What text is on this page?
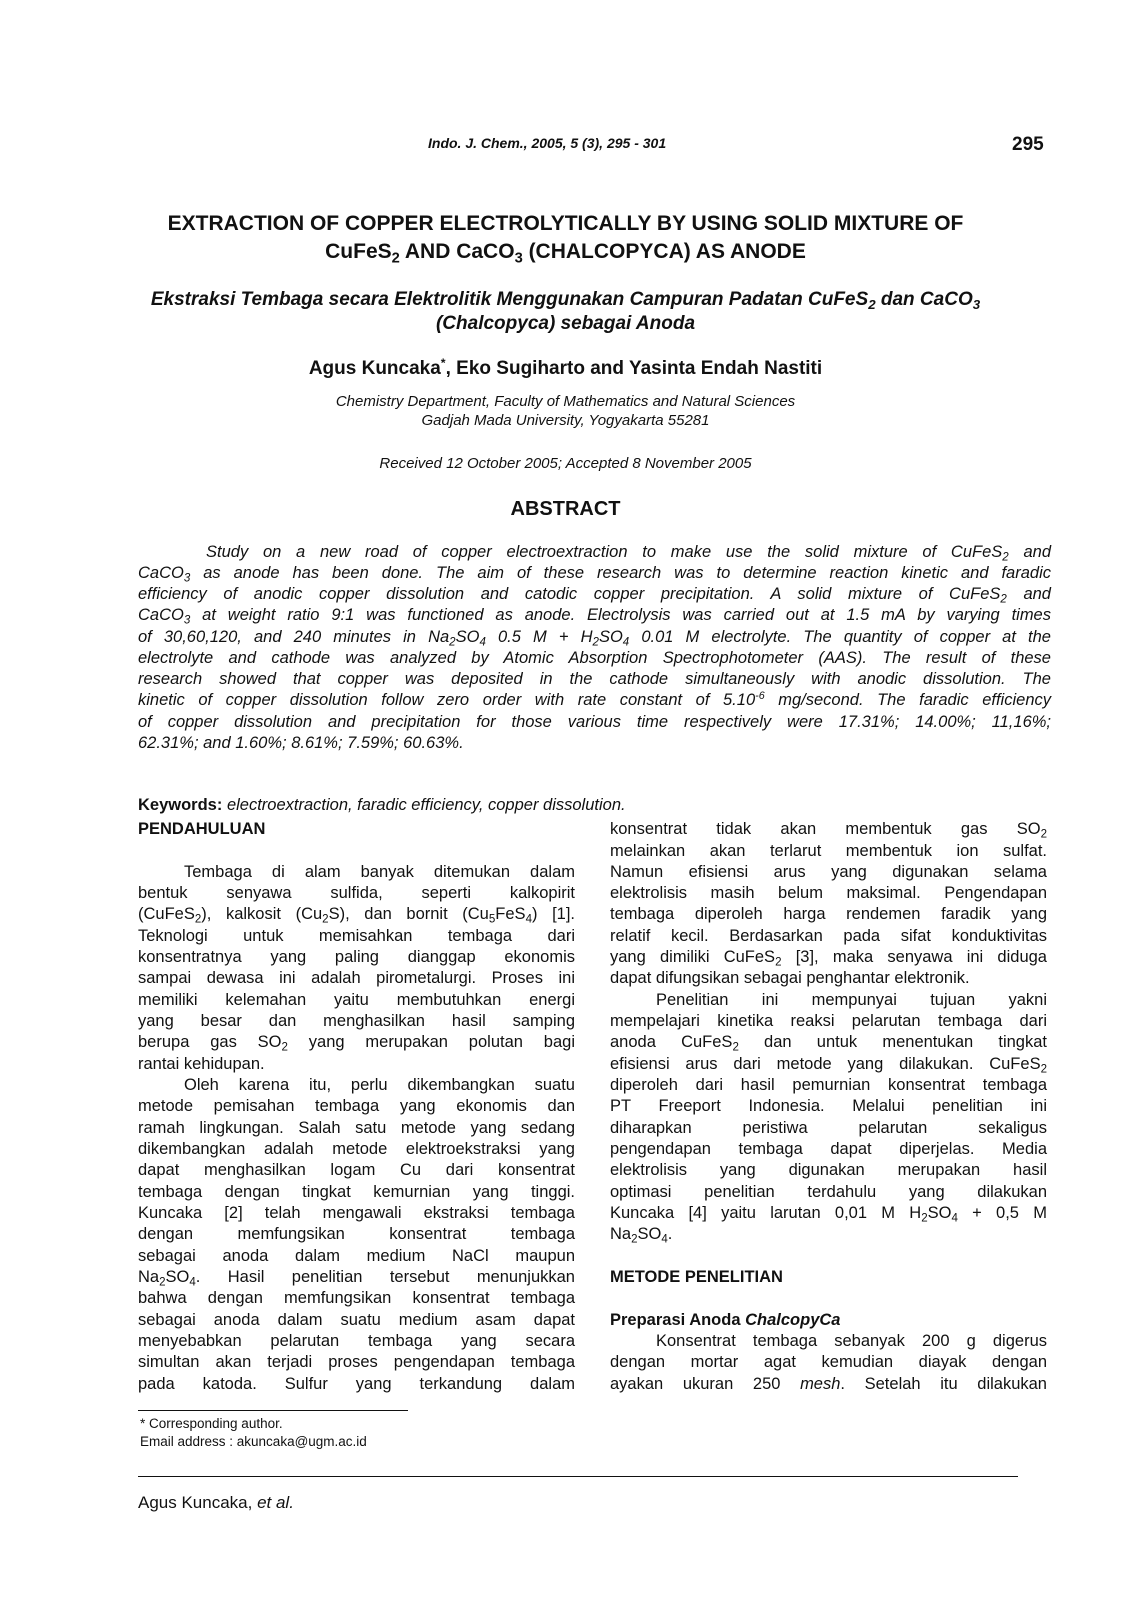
Indo. J. Chem., 2005, 5 (3), 295 - 301	295
EXTRACTION OF COPPER ELECTROLYTICALLY BY USING SOLID MIXTURE OF
CuFeS$_2$ AND CaCO$_3$ (CHALCOPYCA) AS ANODE
Ekstraksi Tembaga secara Elektrolitik Menggunakan Campuran Padatan CuFeS$_2$ dan CaCO$_3$
(Chalcopyca) sebagai Anoda
Agus Kuncaka*, Eko Sugiharto and Yasinta Endah Nastiti
Chemistry Department, Faculty of Mathematics and Natural Sciences
Gadjah Mada University, Yogyakarta 55281
Received 12 October 2005; Accepted 8 November 2005
ABSTRACT
Study on a new road of copper electroextraction to make use the solid mixture of CuFeS$_2$ and
CaCO$_3$ as anode has been done. The aim of these research was to determine reaction kinetic and faradic
efficiency of anodic copper dissolution and catodic copper precipitation. A solid mixture of CuFeS$_2$ and
CaCO$_3$ at weight ratio 9:1 was functioned as anode. Electrolysis was carried out at 1.5 mA by varying times
of 30,60,120, and 240 minutes in $Na_2SO_4$ 0.5 $M + H_2SO_4$ 0.01 M electrolyte. The quantity of copper at the
electrolyte and cathode was analyzed by Atomic Absorption Spectrophotometer (AAS). The result of these
research showed that copper was deposited in the cathode simultaneously with anodic dissolution. The
kinetic of copper dissolution follow zero order with rate constant of $5.10^{-6}$ mg/second. The faradic efficiency
of copper dissolution and precipitation for those various time respectively were 17.31%; 14.00%; 11,16%;
62.31%; and 1.60%; 8.61%; 7.59%; 60.63%.
Keywords: electroextraction, faradic efficiency, copper dissolution.
PENDAHULUAN
Tembaga di alam banyak ditemukan dalam
bentuk senyawa sulfida, seperti kalkopirit
(CuFeS$_2$), kalkosit $(Cu_2S)$, dan bornit $(Cu_5FeS_4)$ [1].
Teknologi untuk memisahkan tembaga dari
konsentratnya yang paling dianggap ekonomis
sampai dewasa ini adalah pirometalurgi. Proses ini
memiliki kelemahan yaitu membutuhkan energi
yang besar dan menghasilkan hasil samping
berupa gas $SO_2$ yang merupakan polutan bagi
rantai kehidupan.
Oleh karena itu, perlu dikembangkan suatu
metode pemisahan tembaga yang ekonomis dan
ramah lingkungan. Salah satu metode yang sedang
dikembangkan adalah metode elektroekstraksi yang
dapat menghasilkan logam Cu dari konsentrat
tembaga dengan tingkat kemurnian yang tinggi.
Kuncaka [2] telah mengawali ekstraksi tembaga
dengan memfungsikan konsentrat tembaga
sebagai anoda dalam medium NaCl maupun
$Na_2SO_4$. Hasil penelitian tersebut menunjukkan
bahwa dengan memfungsikan konsentrat tembaga
sebagai anoda dalam suatu medium asam dapat
menyebabkan pelarutan tembaga yang secara
simultan akan terjadi proses pengendapan tembaga
pada katoda. Sulfur yang terkandung dalam
konsentrat tidak akan membentuk gas $SO_2$
melainkan akan terlarut membentuk ion sulfat.
Namun efisiensi arus yang digunakan selama
elektrolisis masih belum maksimal. Pengendapan
tembaga diperoleh harga rendemen faradik yang
relatif kecil. Berdasarkan pada sifat konduktivitas
yang dimiliki CuFeS$_2$ [3], maka senyawa ini diduga
dapat difungsikan sebagai penghantar elektronik.
Penelitian ini mempunyai tujuan yakni
mempelajari kinetika reaksi pelarutan tembaga dari
anoda CuFeS$_2$ dan untuk menentukan tingkat
efisiensi arus dari metode yang dilakukan. CuFeS$_2$
diperoleh dari hasil pemurnian konsentrat tembaga
PT Freeport Indonesia. Melalui penelitian ini
diharapkan peristiwa pelarutan sekaligus
pengendapan tembaga dapat diperjelas. Media
elektrolisis yang digunakan merupakan hasil
optimasi penelitian terdahulu yang dilakukan
Kuncaka [4] yaitu larutan 0,01 M $H_2SO_4 + 0,5$ M
$Na_2SO_4$.
METODE PENELITIAN
Preparasi Anoda ChalcopyCa
Konsentrat tembaga sebanyak 200 g digerus
dengan mortar agat kemudian diayak dengan
ayakan ukuran 250 mesh. Setelah itu dilakukan
* Corresponding author.
Email address : akuncaka@ugm.ac.id
Agus Kuncaka, et al.
